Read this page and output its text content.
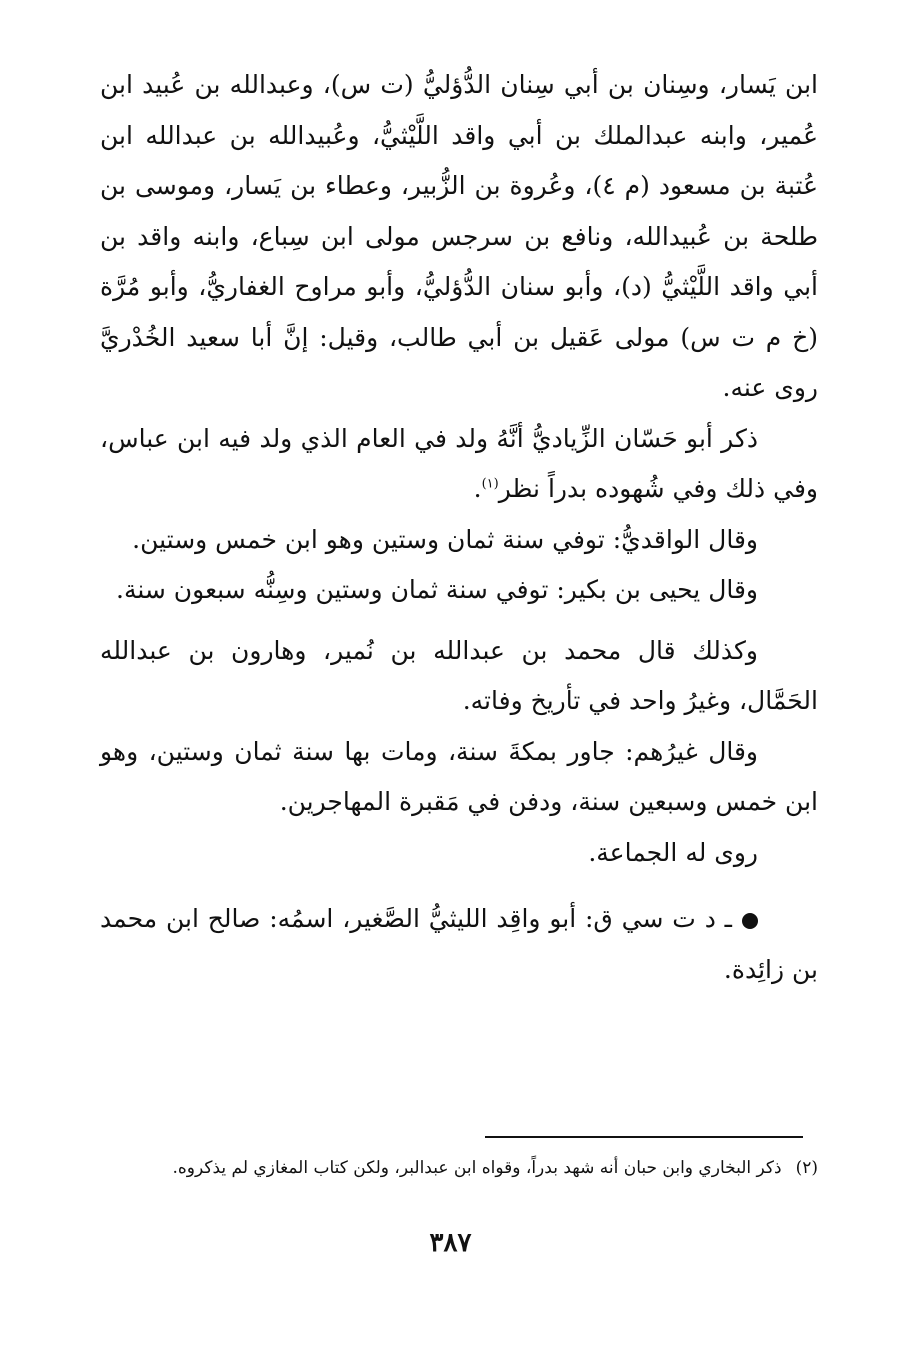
ابن يَسار، وسِنان بن أبي سِنان الدُّؤليُّ (ت س)، وعبدالله بن عُبيد ابن عُمير، وابنه عبدالملك بن أبي واقد اللَّيْثيُّ، وعُبيدالله بن عبدالله ابن عُتبة بن مسعود (م ٤)، وعُروة بن الزُّبير، وعطاء بن يَسار، وموسى بن طلحة بن عُبيدالله، ونافع بن سرجس مولى ابن سِباع، وابنه واقد بن أبي واقد اللَّيْثيُّ (د)، وأبو سنان الدُّؤليُّ، وأبو مراوح الغفاريُّ، وأبو مُرَّة (خ م ت س) مولى عَقيل بن أبي طالب، وقيل: إنَّ أبا سعيد الخُدْريَّ روى عنه.

ذكر أبو حَسّان الزِّياديُّ أنَّهُ ولد في العام الذي ولد فيه ابن عباس، وفي ذلك وفي شُهوده بدراً نظر$^{(١)}$.

وقال الواقديُّ: توفي سنة ثمان وستين وهو ابن خمس وستين.

وقال يحيى بن بكير: توفي سنة ثمان وستين وسِنُّه سبعون سنة.

وكذلك قال محمد بن عبدالله بن نُمير، وهارون بن عبدالله الحَمَّال، وغيرُ واحد في تأريخ وفاته.

وقال غيرُهم: جاور بمكةَ سنة، ومات بها سنة ثمان وستين، وهو ابن خمس وسبعين سنة، ودفن في مَقبرة المهاجرين.

روى له الجماعة.

ـ د ت سي ق: أبو واقِد الليثيُّ الصَّغير، اسمُه: صالح ابن محمد بن زائِدة.

(٢)ذكر البخاري وابن حبان أنه شهد بدراً، وقواه ابن عبدالبر، ولكن كتاب المغازي لم يذكروه.
٣٨٧
